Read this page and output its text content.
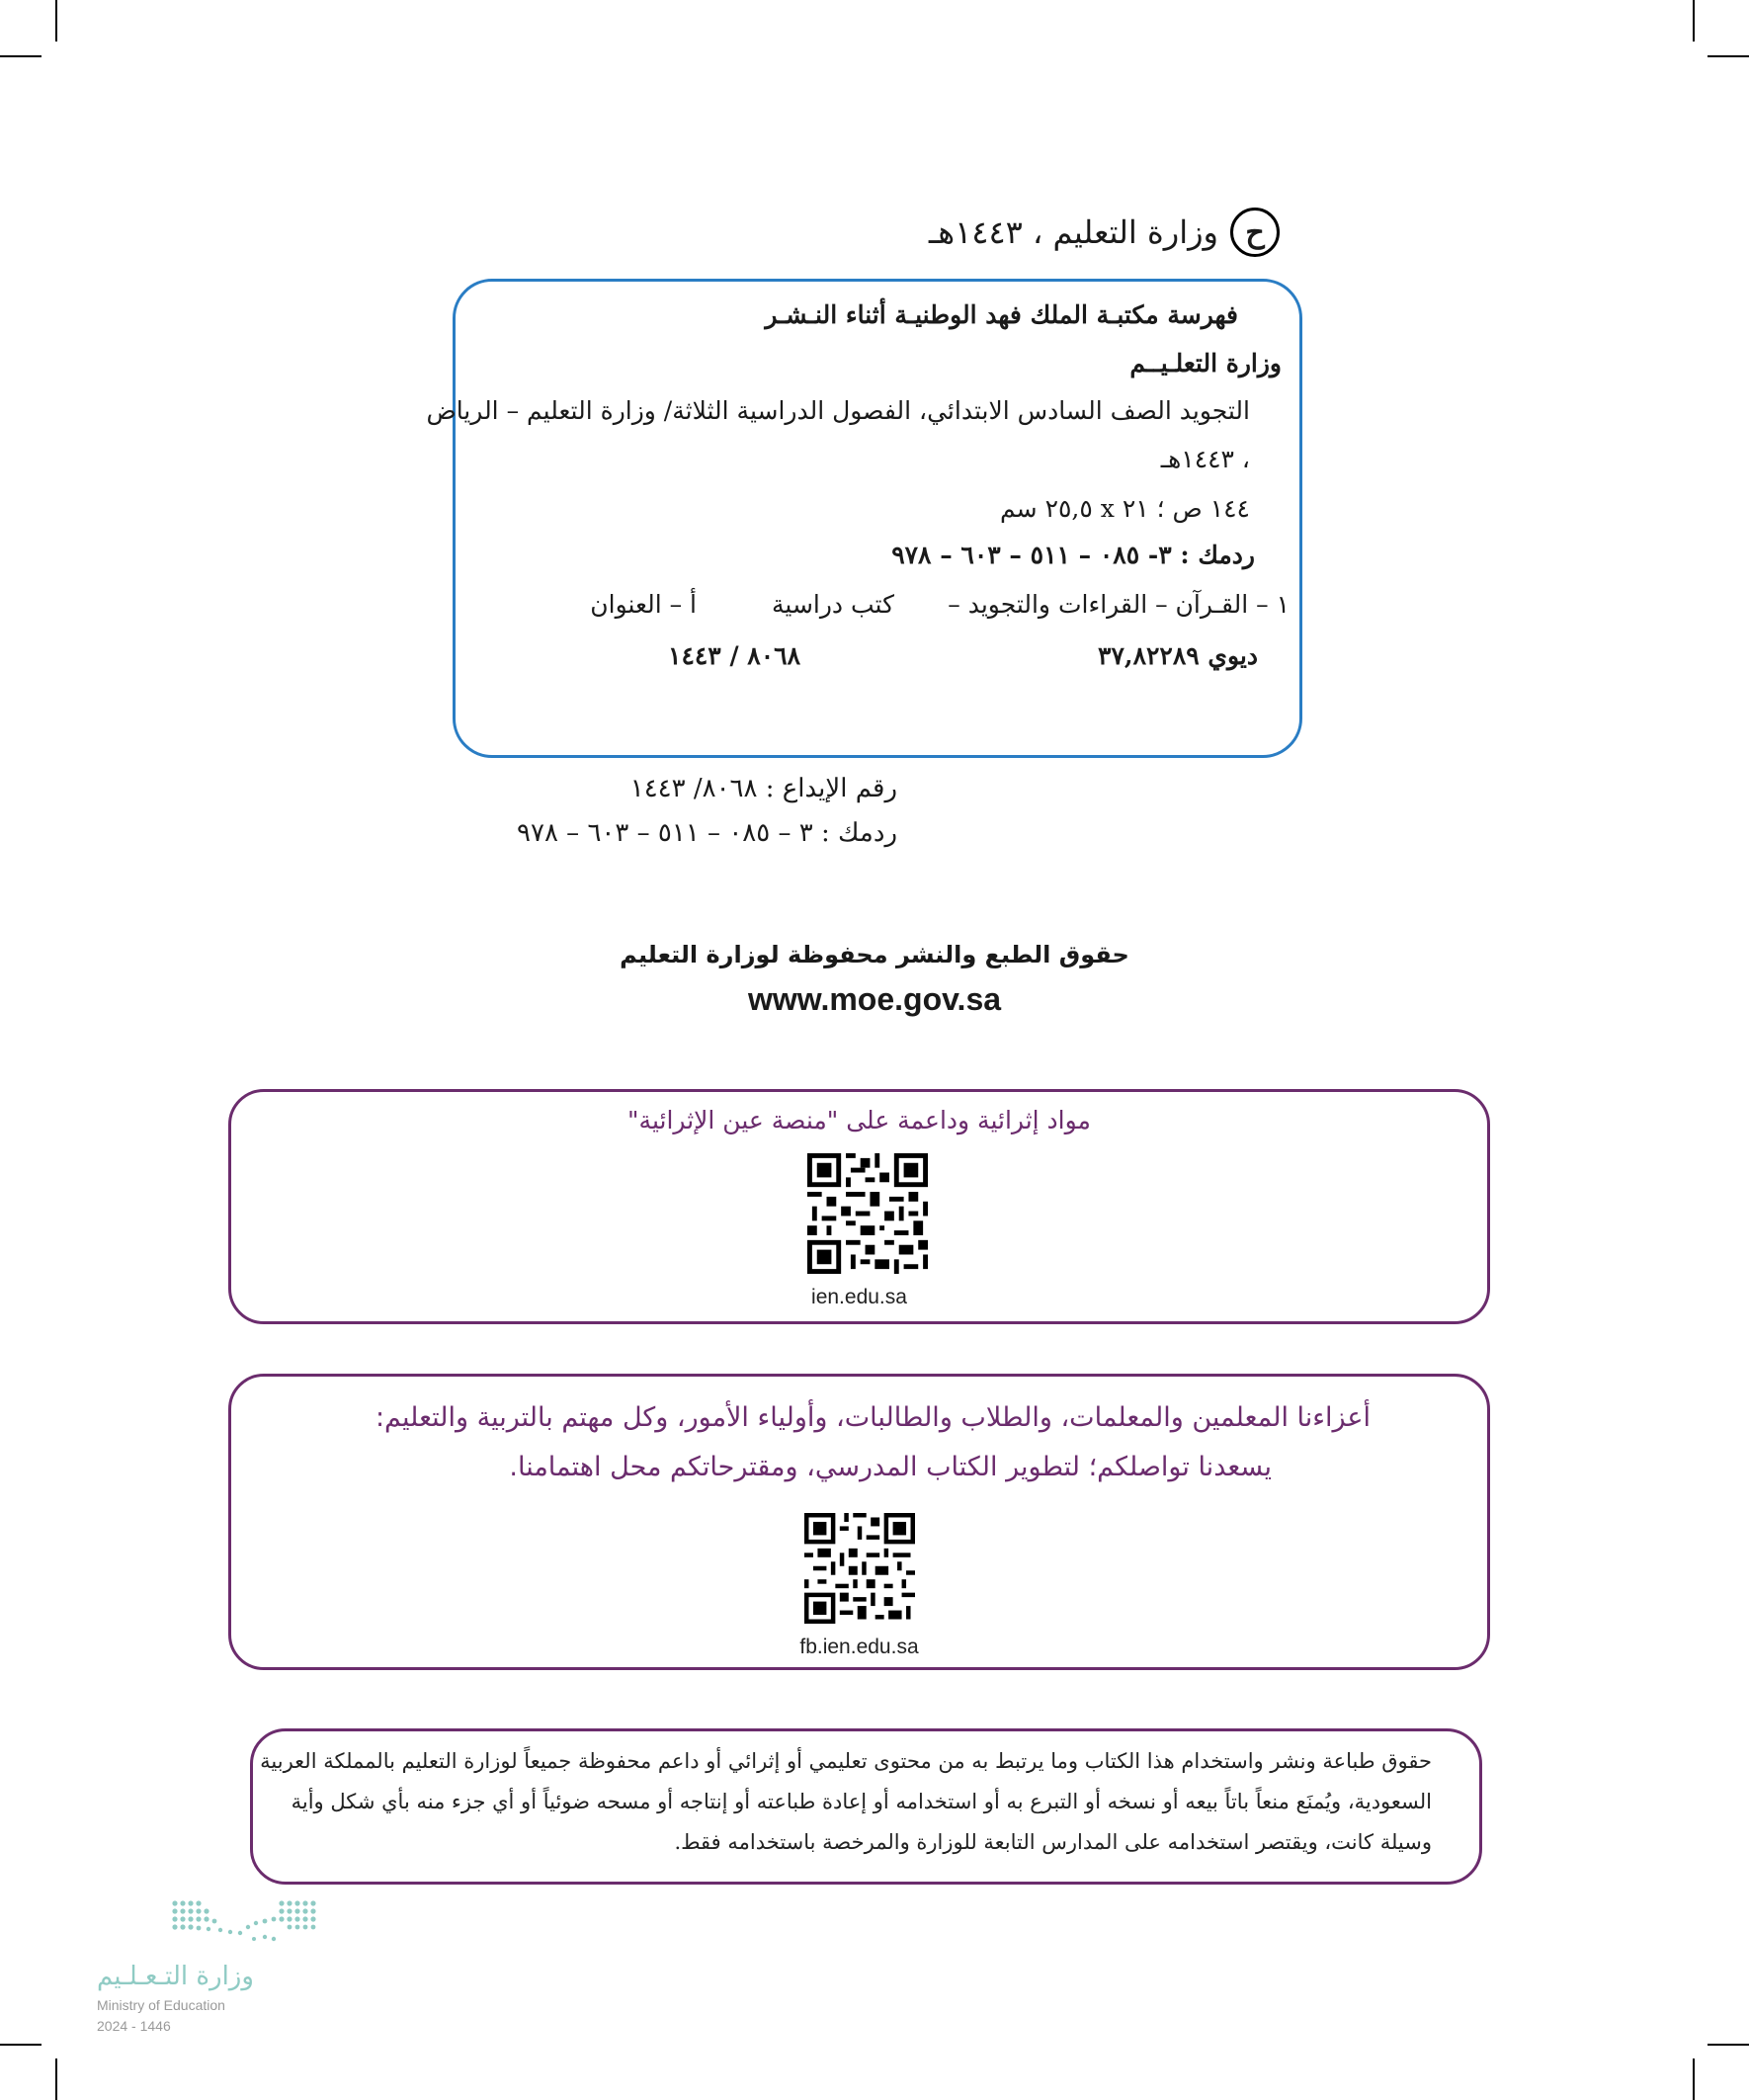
ح
وزارة التعليم ، ١٤٤٣هـ
فهرسة مكتبـة الملك فهد الوطنيـة أثناء النـشـر
وزارة التعلـيــم
التجويد الصف السادس الابتدائي، الفصول الدراسية الثلاثة/ وزارة التعليم – الرياض
، ١٤٤٣هـ
١٤٤ ص ؛ ٢١ x ٢٥,٥ سم
ردمك : ٣- ٠٨٥ – ٥١١ – ٦٠٣ – ٩٧٨
١ – القـرآن – القراءات والتجويد –
كتب دراسية
أ – العنوان
ديوي ٣٧,٨٢٢٨٩
٨٠٦٨ / ١٤٤٣
رقم الإيداع : ٨٠٦٨/ ١٤٤٣
ردمك : ٣ – ٠٨٥ – ٥١١ – ٦٠٣ – ٩٧٨
حقوق الطبع والنشر محفوظة لوزارة التعليم
www.moe.gov.sa
مواد إثرائية وداعمة على "منصة عين الإثرائية"
ien.edu.sa
أعزاءنا المعلمين والمعلمات، والطلاب والطالبات، وأولياء الأمور، وكل مهتم بالتربية والتعليم:
يسعدنا تواصلكم؛ لتطوير الكتاب المدرسي، ومقترحاتكم محل اهتمامنا.
fb.ien.edu.sa
حقوق طباعة ونشر واستخدام هذا الكتاب وما يرتبط به من محتوى تعليمي أو إثرائي أو داعم محفوظة جميعاً لوزارة التعليم بالمملكة العربية
السعودية، ويُمنَع منعاً باتاً بيعه أو نسخه أو التبرع به أو استخدامه أو إعادة طباعته أو إنتاجه أو مسحه ضوئياً أو أي جزء منه بأي شكل وأية
وسيلة كانت، ويقتصر استخدامه على المدارس التابعة للوزارة والمرخصة باستخدامه فقط.
وزارة التـعـلـيم
Ministry of Education
2024 - 1446
